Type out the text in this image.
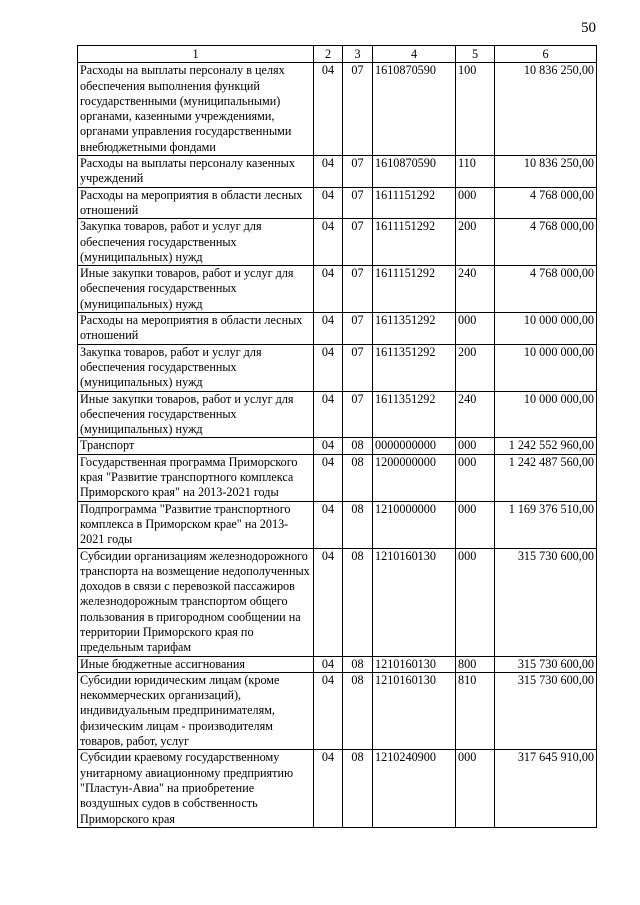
50
1	2	3	4	5	6
Расходы на выплаты персоналу в целях обеспечения выполнения функций государственными (муниципальными) органами, казенными учреждениями, органами управления государственными внебюджетными фондами	04	07	1610870590	100	10 836 250,00
Расходы на выплаты персоналу казенных учреждений	04	07	1610870590	110	10 836 250,00
Расходы на мероприятия в области лесных отношений	04	07	1611151292	000	4 768 000,00
Закупка товаров, работ и услуг для обеспечения государственных (муниципальных) нужд	04	07	1611151292	200	4 768 000,00
Иные закупки товаров, работ и услуг для обеспечения государственных (муниципальных) нужд	04	07	1611151292	240	4 768 000,00
Расходы на мероприятия в области лесных отношений	04	07	1611351292	000	10 000 000,00
Закупка товаров, работ и услуг для обеспечения государственных (муниципальных) нужд	04	07	1611351292	200	10 000 000,00
Иные закупки товаров, работ и услуг для обеспечения государственных (муниципальных) нужд	04	07	1611351292	240	10 000 000,00
Транспорт	04	08	0000000000	000	1 242 552 960,00
Государственная программа Приморского края "Развитие транспортного комплекса Приморского края" на 2013-2021 годы	04	08	1200000000	000	1 242 487 560,00
Подпрограмма "Развитие транспортного комплекса в Приморском крае" на 2013-2021 годы	04	08	1210000000	000	1 169 376 510,00
Субсидии организациям железнодорожного транспорта на возмещение недополученных доходов в связи с перевозкой пассажиров железнодорожным транспортом общего пользования в пригородном сообщении на территории Приморского края по предельным тарифам	04	08	1210160130	000	315 730 600,00
Иные бюджетные ассигнования	04	08	1210160130	800	315 730 600,00
Субсидии юридическим лицам (кроме некоммерческих организаций), индивидуальным предпринимателям, физическим лицам - производителям товаров, работ, услуг	04	08	1210160130	810	315 730 600,00
Субсидии краевому государственному унитарному авиационному предприятию "Пластун-Авиа" на приобретение воздушных судов в собственность Приморского края	04	08	1210240900	000	317 645 910,00
